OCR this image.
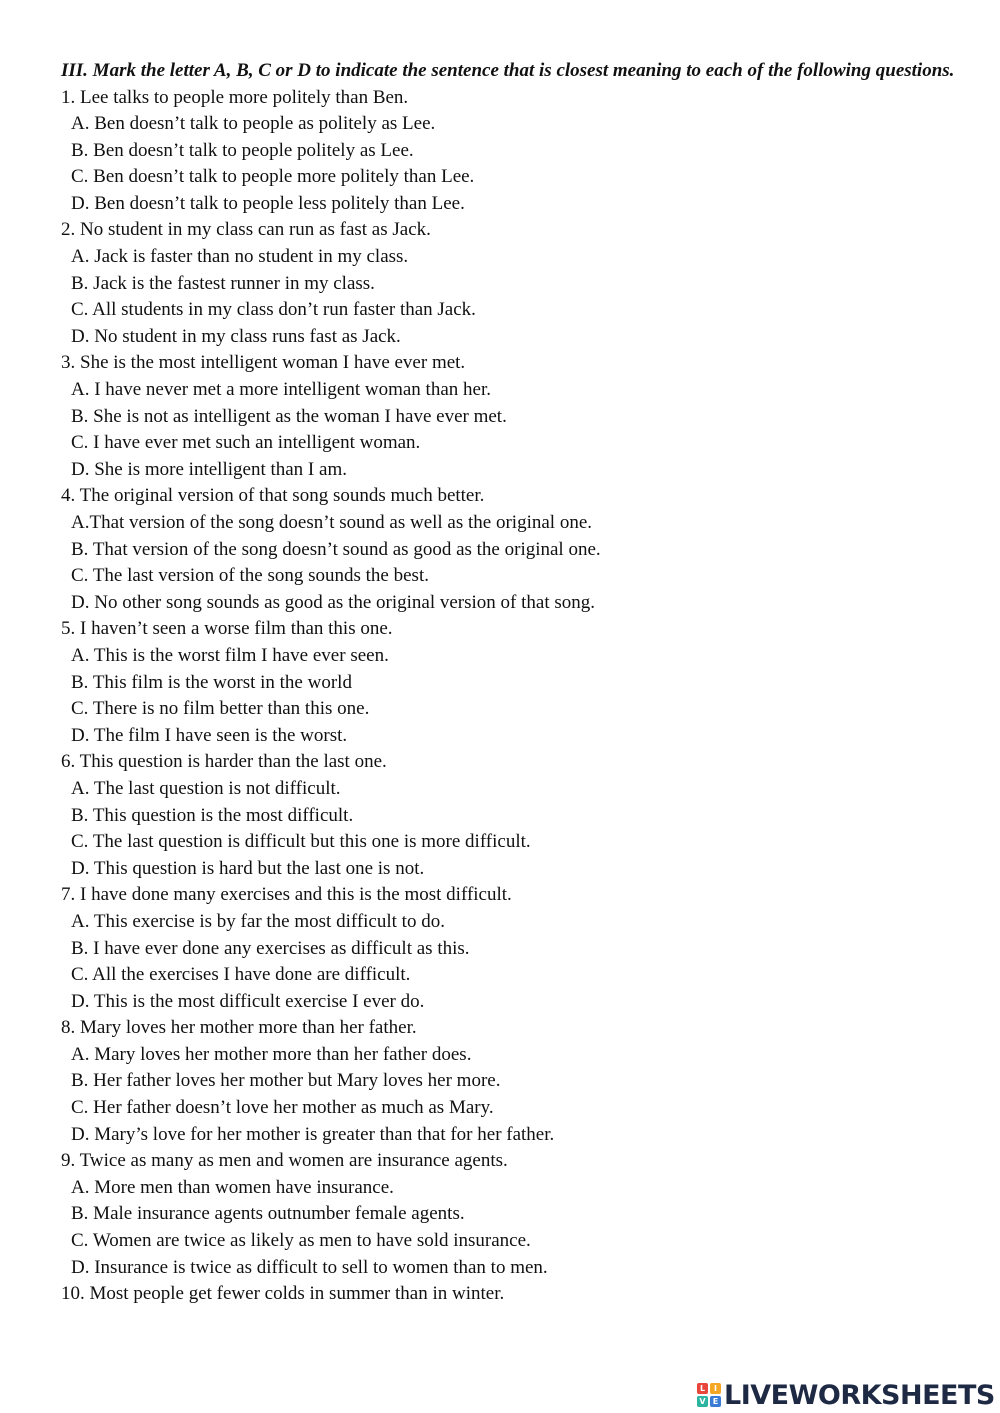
III. Mark the letter A, B, C or D to indicate the sentence that is closest meaning to each of the following questions.

1. Lee talks to people more politely than Ben.
A. Ben doesn’t talk to people as politely as Lee.
B. Ben doesn’t talk to people politely as Lee.
C. Ben doesn’t talk to people more politely than Lee.
D. Ben doesn’t talk to people less politely than Lee.
2. No student in my class can run as fast as Jack.
A. Jack is faster than no student in my class.
B. Jack is the fastest runner in my class.
C. All students in my class don’t run faster than Jack.
D. No student in my class runs fast as Jack.
3. She is the most intelligent woman I have ever met.
A. I have never met a more intelligent woman than her.
B. She is not as intelligent as the woman I have ever met.
C. I have ever met such an intelligent woman.
D. She is more intelligent than I am.
4. The original version of that song sounds much better.
A.That version of the song doesn’t sound as well as the original one.
B. That version of the song doesn’t sound as good as the original one.
C. The last version of the song sounds the best.
D. No other song sounds as good as the original version of that song.
5. I haven’t seen a worse film than this one.
A. This is the worst film I have ever seen.
B. This film is the worst in the world
C. There is no film better than this one.
D. The film I have seen is the worst.
6. This question is harder than the last one.
A. The last question is not difficult.
B. This question is the most difficult.
C. The last question is difficult but this one is more difficult.
D. This question is hard but the last one is not.
7. I have done many exercises and this is the most difficult.
A. This exercise is by far the most difficult to do.
B. I have ever done any exercises as difficult as this.
C. All the exercises I have done are difficult.
D. This is the most difficult exercise I ever do.
8. Mary loves her mother more than her father.
A. Mary loves her mother more than her father does.
B. Her father loves her mother but Mary loves her more.
C. Her father doesn’t love her mother as much as Mary.
D. Mary’s love for her mother is greater than that for her father.
9. Twice as many as men and women are insurance agents.
A. More men than women have insurance.
B. Male insurance agents outnumber female agents.
C. Women are twice as likely as men to have sold insurance.
D. Insurance is twice as difficult to sell to women than to men.
10. Most people get fewer colds in summer than in winter.
L	I
V E LIVEWORKSHEETS
